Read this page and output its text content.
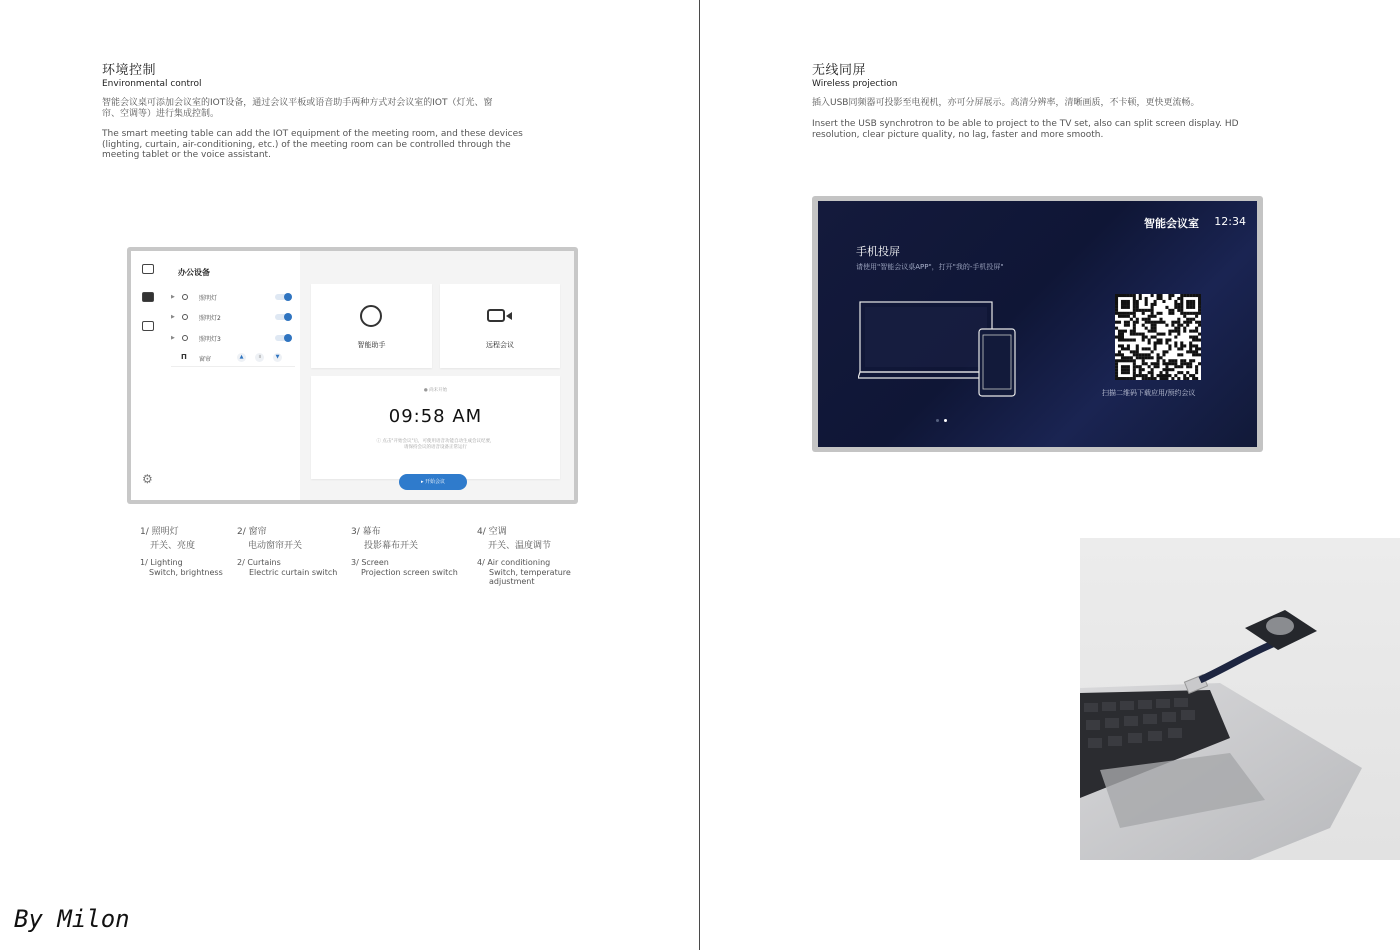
环境控制
Environmental control
智能会议桌可添加会议室的IOT设备，通过会议平板或语音助手两种方式对会议室的IOT（灯光、窗
帘、空调等）进行集成控制。
The smart meeting table can add the IOT equipment of the meeting room, and these devices
(lighting, curtain, air-conditioning, etc.) of the meeting room can be controlled through the
meeting tablet or the voice assistant.
⚙
办公设备
▶	照明灯
▶	照明灯2
▶	照明灯3
П 窗帘	▲	॥	▼
智能助手	远程会议
● 尚未开始
09:58 AM
ⓘ 点击"开始会议"后，可使用语音功能自动生成会议纪要，
请保持会议的语音设备正常运行
▸ 开始会议
1/ 照明灯
开关、亮度
1/ Lighting
Switch, brightness
2/ 窗帘
电动窗帘开关
2/ Curtains
Electric curtain switch
3/ 幕布
投影幕布开关
3/ Screen
Projection screen switch
4/ 空调
开关、温度调节
4/ Air conditioning
Switch, temperature
adjustment
无线同屏
Wireless projection
插入USB同频器可投影至电视机，亦可分屏展示。高清分辨率，清晰画质，不卡顿，更快更流畅。
Insert the USB synchrotron to be able to project to the TV set, also can split screen display. HD
resolution, clear picture quality, no lag, faster and more smooth.
智能会议室 12:34
手机投屏
请使用"智能会议桌APP"，打开"我的-手机投屏"
扫描二维码下载应用/预约会议
By Milon
